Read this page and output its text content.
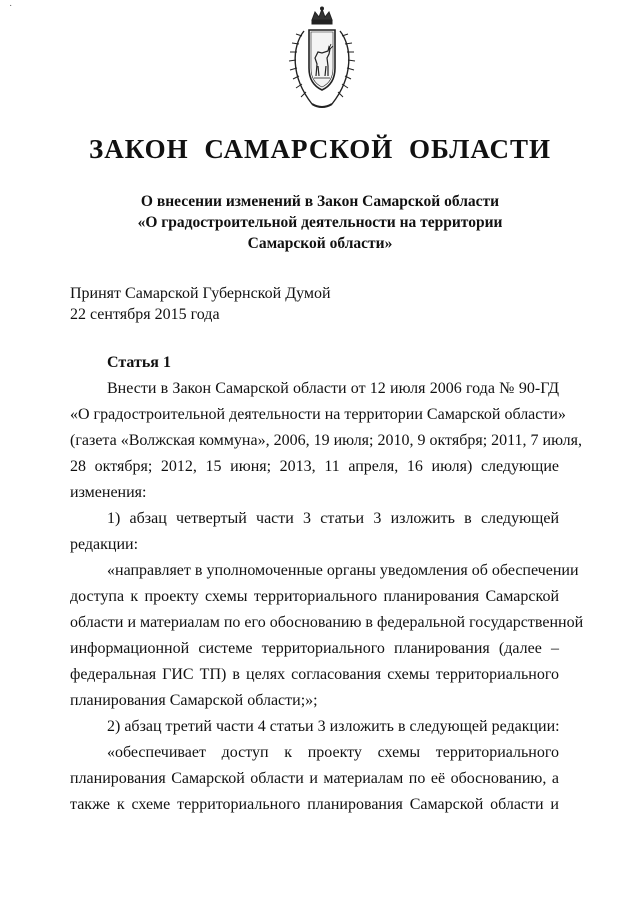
˙
ЗАКОН САМАРСКОЙ ОБЛАСТИ
О внесении изменений в Закон Самарской области
«О градостроительной деятельности на территории
Самарской области»
Принят Самарской Губернской Думой
22 сентября 2015 года
Статья 1
Внести в Закон Самарской области от 12 июля 2006 года № 90-ГД
«О градостроительной деятельности на территории Самарской области»
(газета «Волжская коммуна», 2006, 19 июля; 2010, 9 октября; 2011, 7 июля,
28 октября; 2012, 15 июня; 2013, 11 апреля, 16 июля) следующие
изменения:
1) абзац четвертый части 3 статьи 3 изложить в следующей
редакции:
«направляет в уполномоченные органы уведомления об обеспечении
доступа к проекту схемы территориального планирования Самарской
области и материалам по его обоснованию в федеральной государственной
информационной системе территориального планирования (далее –
федеральная ГИС ТП) в целях согласования схемы территориального
планирования Самарской области;»;
2) абзац третий части 4 статьи 3 изложить в следующей редакции:
«обеспечивает доступ к проекту схемы территориального
планирования Самарской области и материалам по её обоснованию, а
также к схеме территориального планирования Самарской области и
